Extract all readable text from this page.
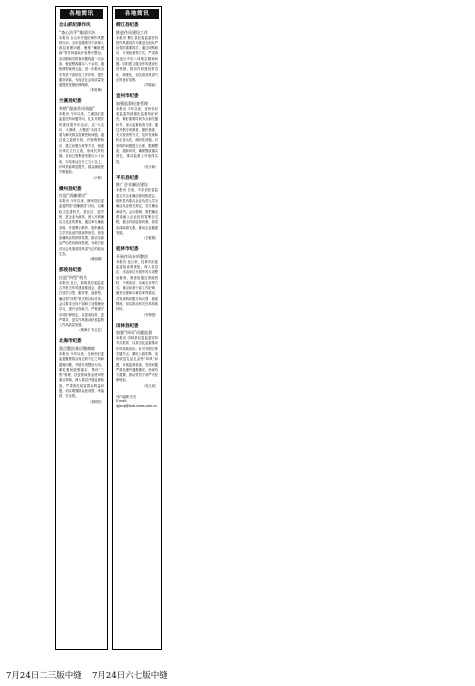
各地简讯
合山抓纪律作风
“查心治乎”集团诊治
本报讯 合山市开展纪律作风整顿行动，全市各级领导干部深入基层查摆问题，聚焦“懒散慢拖”等作风顽疾开展集中整治。活动期间共排查问题线索一百余条，督促整改落实八十余项，通报典型案例五起，进一步推动全市党员干部转变工作作风、提升服务效能，为经济社会高质量发展提供坚强纪律保障。
（李桂梅）
兰溪县纪委
举措“提高作风效能”
本报讯 今年以来，兰溪县纪委监委坚持问题导向，扎实开展作风建设提升年活动，以“大走访、大调研、大整改”为抓手，着力解决群众急难愁盼问题。通过设立监督专线、开展明察暗访、建立问题台账等方式，督促各单位立行立改，形成长效机制。目前已收集意见建议六十余条，办结率达百分之九十以上，作风效能明显提升，群众满意度不断提高。
（小钟）
横州县纪委
打造“清廉建设”
本报讯 今年以来，横州县纪委监委围绕“清廉建设”目标，以廉政文化进机关、进社区、进学校、进企业为载体，深入开展廉洁文化宣传教育。通过举办廉政讲座、开展警示教育、组织廉洁文艺作品创作展演等形式，营造崇廉尚洁的浓厚氛围，推动全面从严治党向纵深发展，为地方经济社会发展营造风清气正的政治生态。
（黄丽娟）
那坡县纪委
打造“四型”机关
本报讯 近日，那坡县纪委监委召开机关作风建设推进会，提出打造学习型、服务型、创新型、廉洁型“四型”机关的目标任务。会议要求全体干部职工加强理论学习，提升业务能力，严格遵守各项纪律规定，以更高标准、更严要求、更实作风推动纪检监察工作高质量发展。
（黄海平 韦志宏）
北海市纪委
重点整治基层微腐败
本报讯 今年以来，北海市纪委监委聚焦群众身边的不正之风和腐败问题，开展专项整治行动。紧盯惠民政策落实、集体“三资”管理、扶贫领域资金使用等重点领域，深入基层开展监督检查，严肃查处侵害群众利益问题，切实增强群众获得感、幸福感、安全感。
（刘明亮）
各地简讯
柳江县纪委
推进作风建设工作
本报讯 柳江县纪委监委坚持把作风建设作为推进全面从严治党的重要抓手，通过明察暗访、专项检查等方式，严肃查处违反中央八项规定精神问题。同时建立健全作风建设长效机制，推动作风建设常态化、制度化，切实营造风清气正的良好氛围。
（苏锦添）
宜州市纪委
加强监督检查管理
本报讯 今年以来，宜州市纪委监委持续强化监督执纪问责，紧盯重要时间节点和关键环节，加大监督检查力度。通过开展专项督查、随机抽查、交叉检查等方式，及时发现和纠正苗头性、倾向性问题。对发现的问题建立台账、限期整改、跟踪问效，确保整改落实到位，推动监督工作取得实效。
（吴小黄）
平乐县纪委
推广企业廉洁建设
本报讯 日前，平乐县纪委监委召开企业廉洁建设推进会，组织县内重点企业负责人学习廉洁从业相关规定，签订廉洁承诺书。会议强调，要把廉洁建设融入企业经营管理全过程，健全内部监督机制，营造亲清政商关系，推动企业健康发展。
（王敏娟）
桂林市纪委
开展作风专项整治
本报讯 连日来，桂林市纪委监委组成督查组，深入各县区、市直单位开展作风专项整治督查。督查组通过查阅资料、个别谈话、实地走访等方式，重点检查干部工作纪律、服务态度和办事效率等情况，对发现的问题当场反馈、督促整改，切实推动机关作风持续好转。
（韦保强）
田林县纪委
加强“四风”问题监督
本报讯 田林县纪委监委坚持节点抓常、以常态化监督推动作风持续向好。针对节假日等关键节点，紧盯公款吃喝、违规收送礼品礼金等“四风”问题，开展监督检查，发现问题严肃处理并通报曝光，形成有力震慑，推动党员干部严守纪律规矩。
（吴天成）
刊户编辑 苏杰
E-mail:
lgjxng@dub-news.com.cn
7月24日二三版中缝 7月24日六七版中缝
